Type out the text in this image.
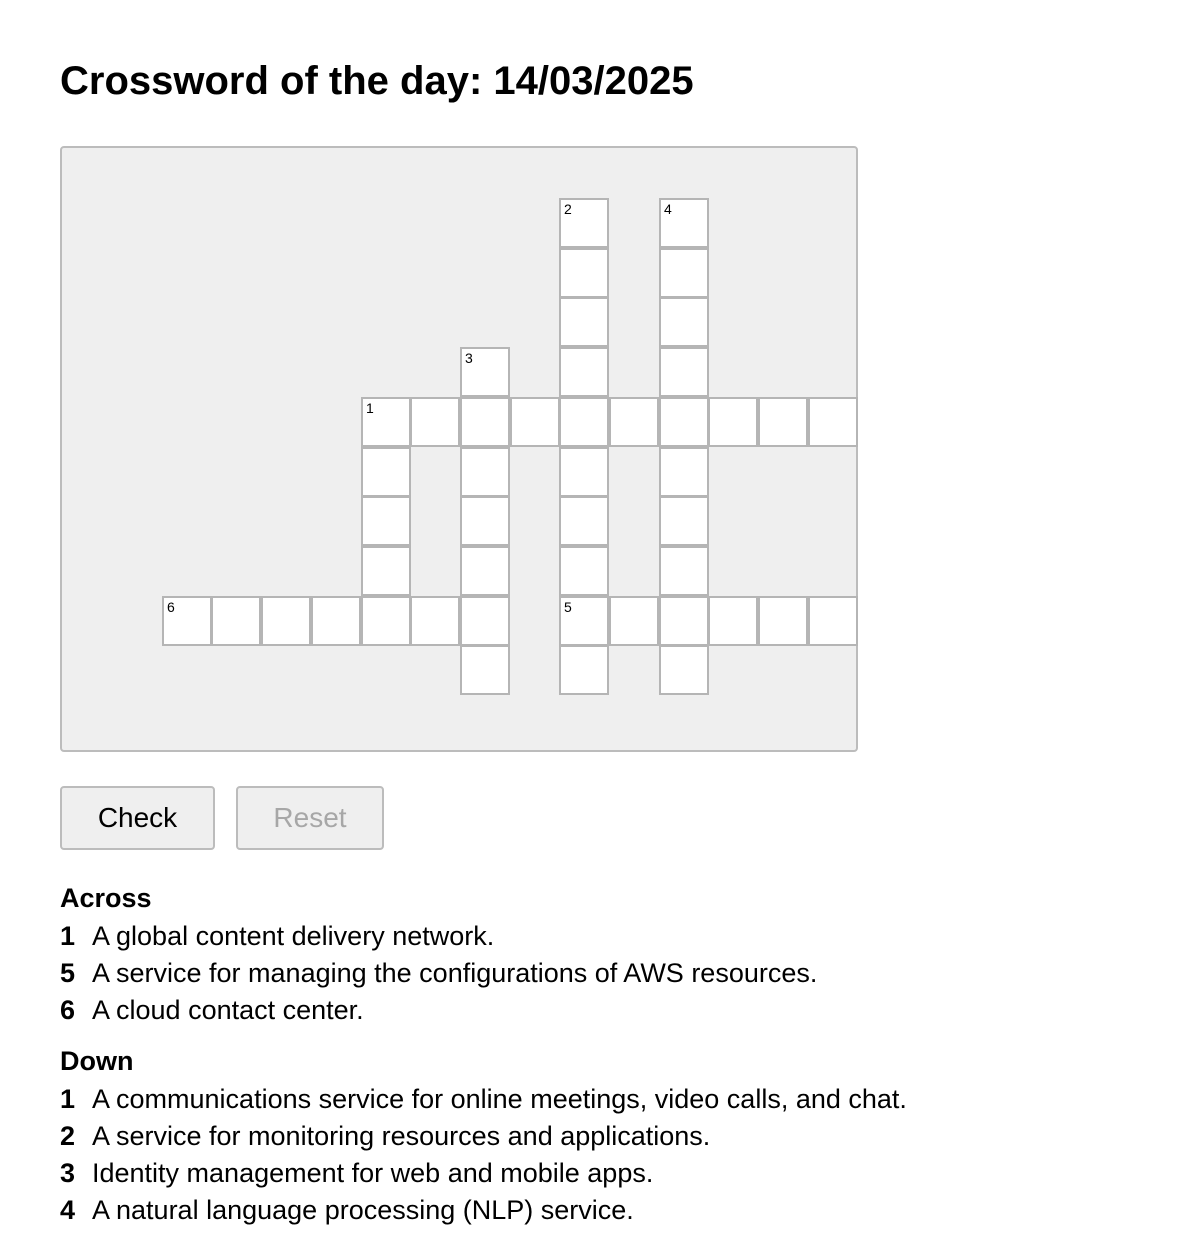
Crossword of the day: 14/03/2025
2	4
3
1
6	5
Check	Reset
Across
1 A global content delivery network.
5 A service for managing the configurations of AWS resources.
6 A cloud contact center.
Down
1 A communications service for online meetings, video calls, and chat.
2 A service for monitoring resources and applications.
3 Identity management for web and mobile apps.
4 A natural language processing (NLP) service.
